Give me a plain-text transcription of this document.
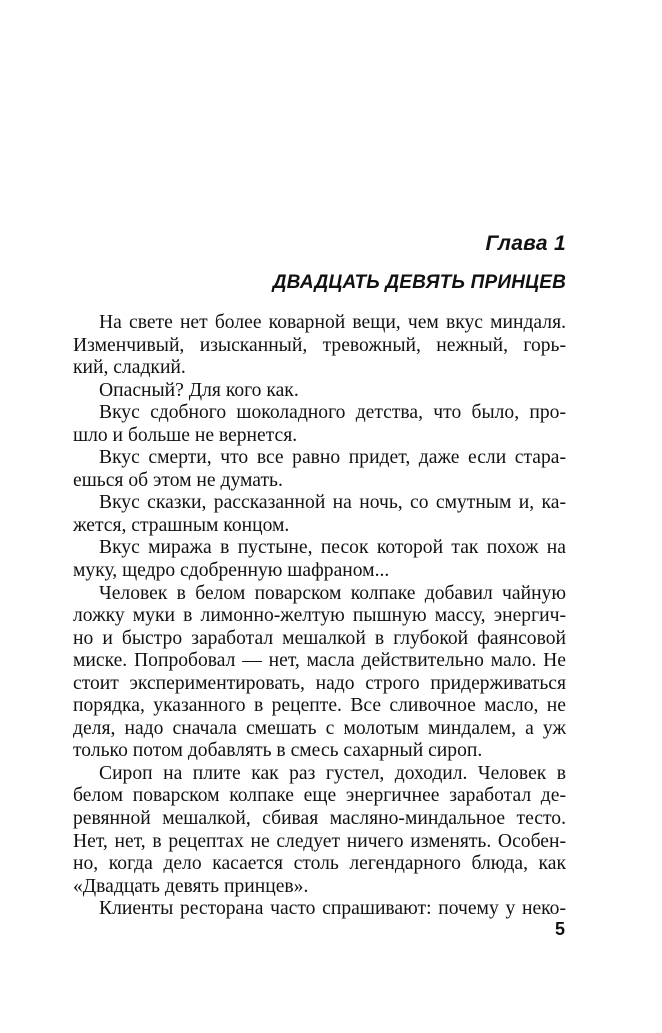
Глава 1
ДВАДЦАТЬ ДЕВЯТЬ ПРИНЦЕВ
На свете нет более коварной вещи, чем вкус миндаля.
Изменчивый, изысканный, тревожный, нежный, горь-
кий, сладкий.
Опасный? Для кого как.
Вкус сдобного шоколадного детства, что было, про-
шло и больше не вернется.
Вкус смерти, что все равно придет, даже если стара-
ешься об этом не думать.
Вкус сказки, рассказанной на ночь, со смутным и, ка-
жется, страшным концом.
Вкус миража в пустыне, песок которой так похож на
муку, щедро сдобренную шафраном...
Человек в белом поварском колпаке добавил чайную
ложку муки в лимонно-желтую пышную массу, энергич-
но и быстро заработал мешалкой в глубокой фаянсовой
миске. Попробовал — нет, масла действительно мало. Не
стоит экспериментировать, надо строго придерживаться
порядка, указанного в рецепте. Все сливочное масло, не
деля, надо сначала смешать с молотым миндалем, а уж
только потом добавлять в смесь сахарный сироп.
Сироп на плите как раз густел, доходил. Человек в
белом поварском колпаке еще энергичнее заработал де-
ревянной мешалкой, сбивая масляно-миндальное тесто.
Нет, нет, в рецептах не следует ничего изменять. Особен-
но, когда дело касается столь легендарного блюда, как
«Двадцать девять принцев».
Клиенты ресторана часто спрашивают: почему у неко-
5
